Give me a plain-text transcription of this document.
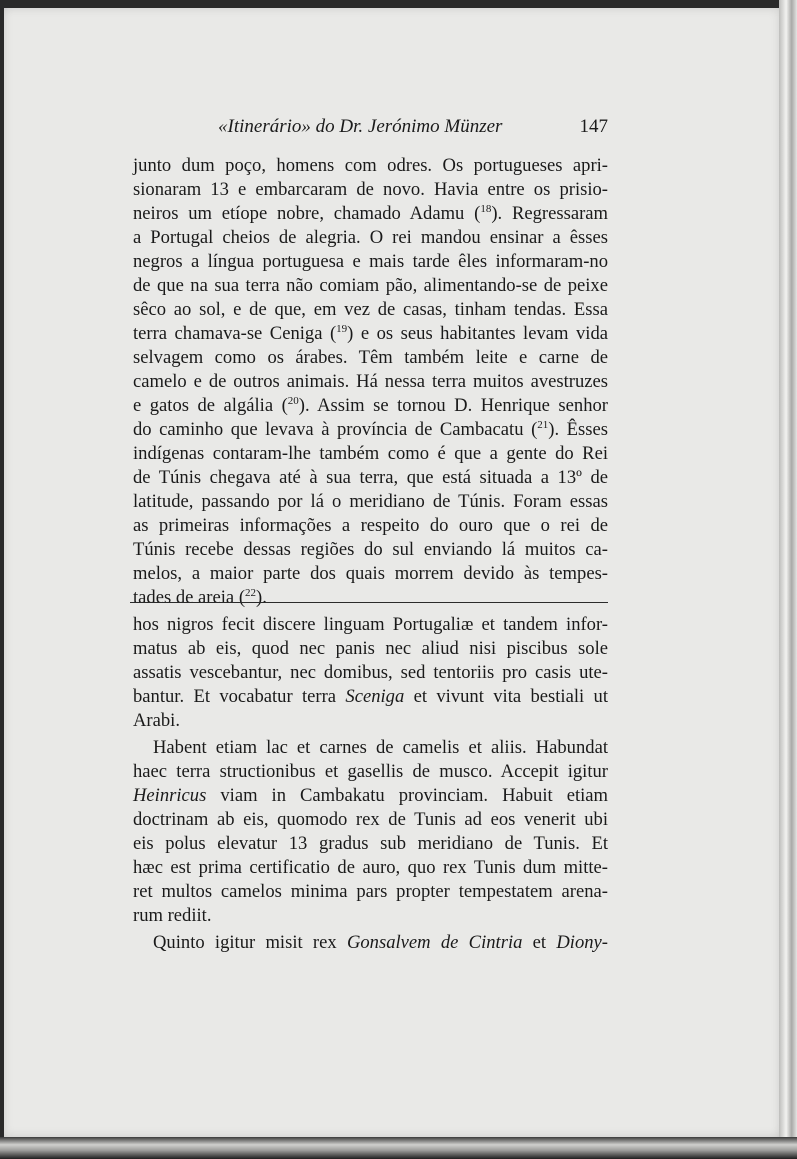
«Itinerário» do Dr. Jerónimo Münzer	147

junto dum poço, homens com odres. Os portugueses apri-

sionaram 13 e embarcaram de novo. Havia entre os prisio-

neiros um etíope nobre, chamado Adamu ($^{18}$). Regressaram

a Portugal cheios de alegria. O rei mandou ensinar a êsses

negros a língua portuguesa e mais tarde êles informaram-no

de que na sua terra não comiam pão, alimentando-se de peixe

sêco ao sol, e de que, em vez de casas, tinham tendas. Essa

terra chamava-se Ceniga ($^{19}$) e os seus habitantes levam vida

selvagem como os árabes. Têm também leite e carne de

camelo e de outros animais. Há nessa terra muitos avestruzes

e gatos de algália ($^{20}$). Assim se tornou D. Henrique senhor

do caminho que levava à província de Cambacatu ($^{21}$). Êsses

indígenas contaram-lhe também como é que a gente do Rei

de Túnis chegava até à sua terra, que está situada a 13º de

latitude, passando por lá o meridiano de Túnis. Foram essas

as primeiras informações a respeito do ouro que o rei de

Túnis recebe dessas regiões do sul enviando lá muitos ca-

melos, a maior parte dos quais morrem devido às tempes-

tades de areia ($^{22}$).

hos nigros fecit discere linguam Portugaliæ et tandem infor-

matus ab eis, quod nec panis nec aliud nisi piscibus sole

assatis vescebantur, nec domibus, sed tentoriis pro casis ute-

bantur. Et vocabatur terra Sceniga et vivunt vita bestiali ut

Arabi.

Habent etiam lac et carnes de camelis et aliis. Habundat

haec terra structionibus et gasellis de musco. Accepit igitur

Heinricus viam in Cambakatu provinciam. Habuit etiam

doctrinam ab eis, quomodo rex de Tunis ad eos venerit ubi

eis polus elevatur 13 gradus sub meridiano de Tunis. Et

hæc est prima certificatio de auro, quo rex Tunis dum mitte-

ret multos camelos minima pars propter tempestatem arena-

rum rediit.

Quinto igitur misit rex Gonsalvem de Cintria et Diony-
